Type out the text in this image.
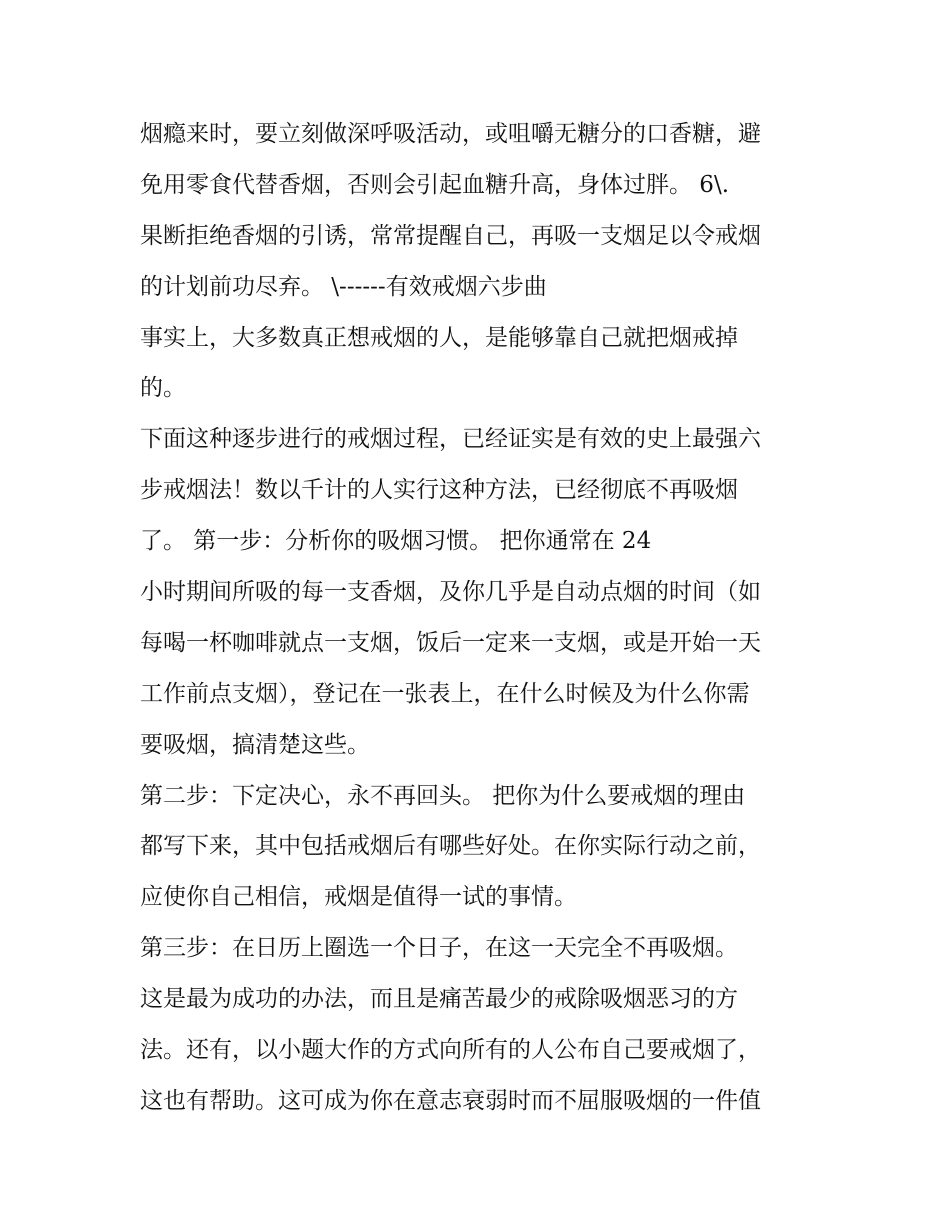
烟瘾来时，要立刻做深呼吸活动，或咀嚼无糖分的口香糖，避
免用零食代替香烟，否则会引起血糖升高，身体过胖。 6\.
果断拒绝香烟的引诱，常常提醒自己，再吸一支烟足以令戒烟
的计划前功尽弃。 \------有效戒烟六步曲
事实上，大多数真正想戒烟的人，是能够靠自己就把烟戒掉
的。
下面这种逐步进行的戒烟过程，已经证实是有效的史上最强六
步戒烟法！数以千计的人实行这种方法，已经彻底不再吸烟
了。 第一步：分析你的吸烟习惯。 把你通常在 24
小时期间所吸的每一支香烟，及你几乎是自动点烟的时间（如
每喝一杯咖啡就点一支烟，饭后一定来一支烟，或是开始一天
工作前点支烟），登记在一张表上，在什么时候及为什么你需
要吸烟，搞清楚这些。
第二步：下定决心，永不再回头。 把你为什么要戒烟的理由
都写下来，其中包括戒烟后有哪些好处。在你实际行动之前，
应使你自己相信，戒烟是值得一试的事情。
第三步：在日历上圈选一个日子，在这一天完全不再吸烟。
这是最为成功的办法，而且是痛苦最少的戒除吸烟恶习的方
法。还有，以小题大作的方式向所有的人公布自己要戒烟了，
这也有帮助。这可成为你在意志衰弱时而不屈服吸烟的一件值
